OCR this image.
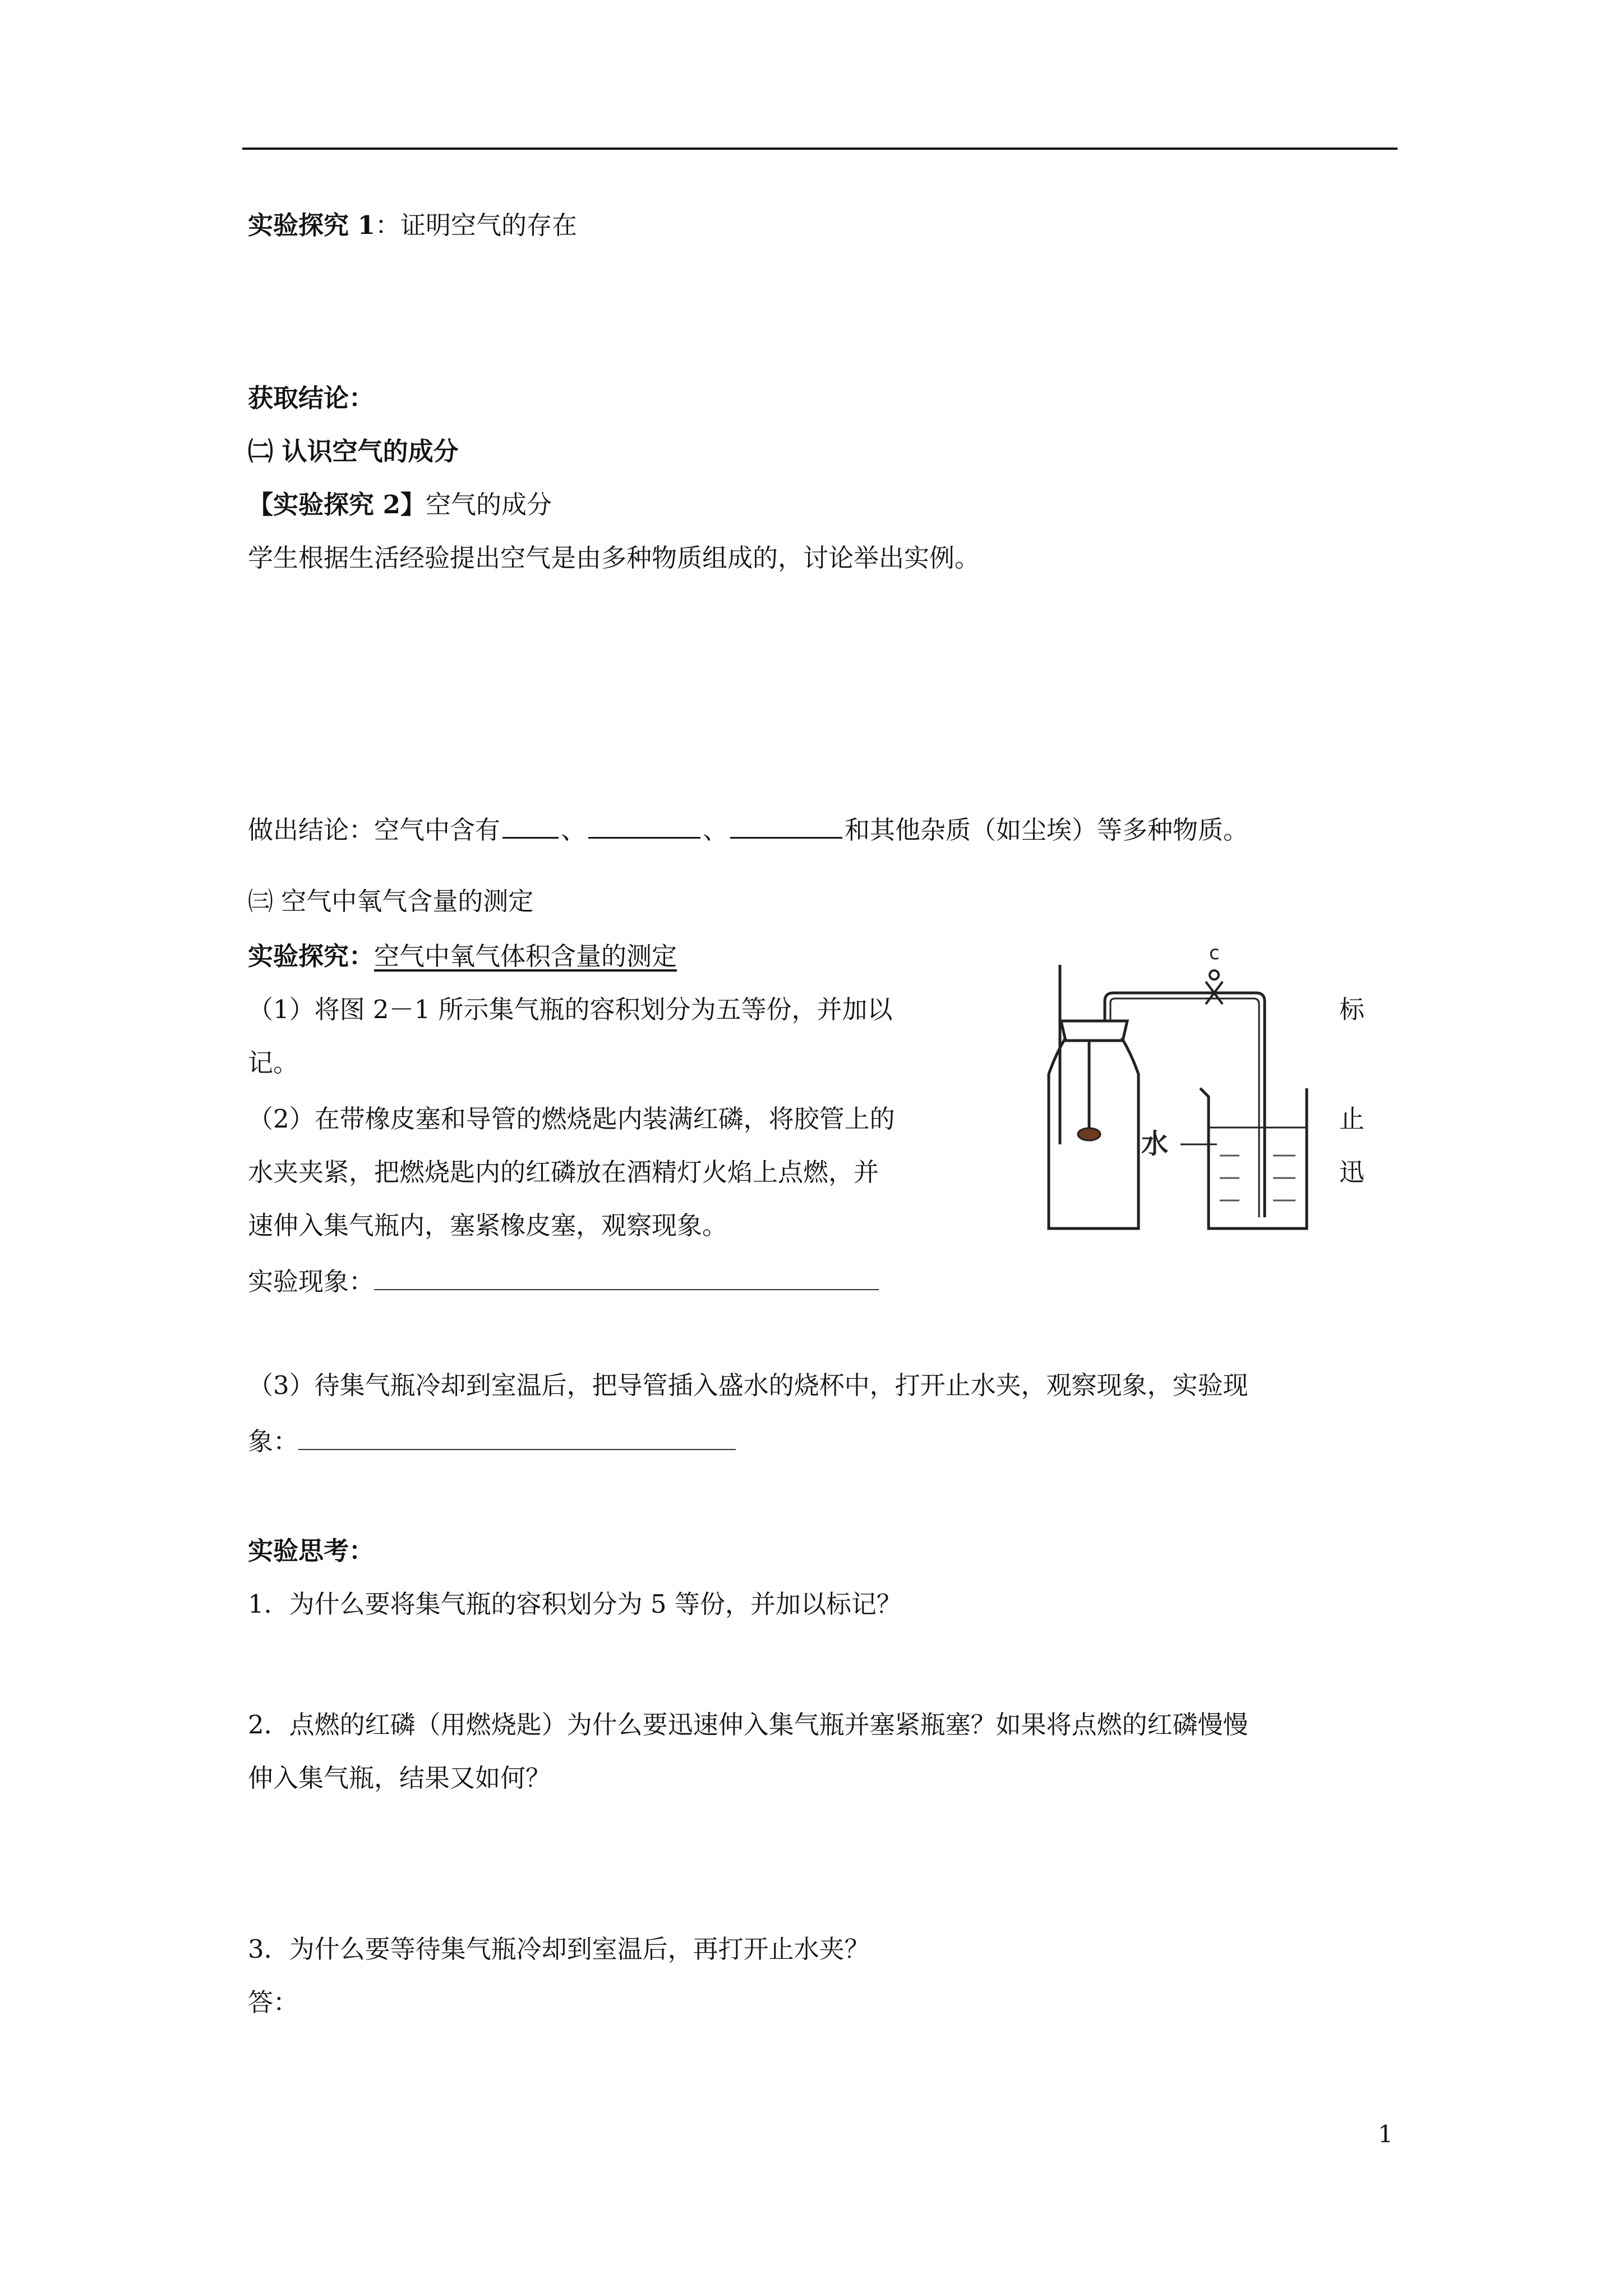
实验探究 1：证明空气的存在
获取结论：
㈡ 认识空气的成分
【实验探究 2】空气的成分
学生根据生活经验提出空气是由多种物质组成的，讨论举出实例。
做出结论：空气中含有 、	、	和其他杂质（如尘埃）等多种物质。
㈢ 空气中氧气含量的测定
实验探究：空气中氧气体积含量的测定
（1）将图 2－1 所示集气瓶的容积划分为五等份，并加以	标
记。
（2）在带橡皮塞和导管的燃烧匙内装满红磷，将胶管上的	止
水夹夹紧，把燃烧匙内的红磷放在酒精灯火焰上点燃，并	迅
速伸入集气瓶内，塞紧橡皮塞，观察现象。
实验现象：
（3）待集气瓶冷却到室温后，把导管插入盛水的烧杯中，打开止水夹，观察现象，实验现
象：
实验思考：
1．为什么要将集气瓶的容积划分为 5 等份，并加以标记？
2．点燃的红磷（用燃烧匙）为什么要迅速伸入集气瓶并塞紧瓶塞？如果将点燃的红磷慢慢
伸入集气瓶，结果又如何？
3．为什么要等待集气瓶冷却到室温后，再打开止水夹？
答：
c
水
1
